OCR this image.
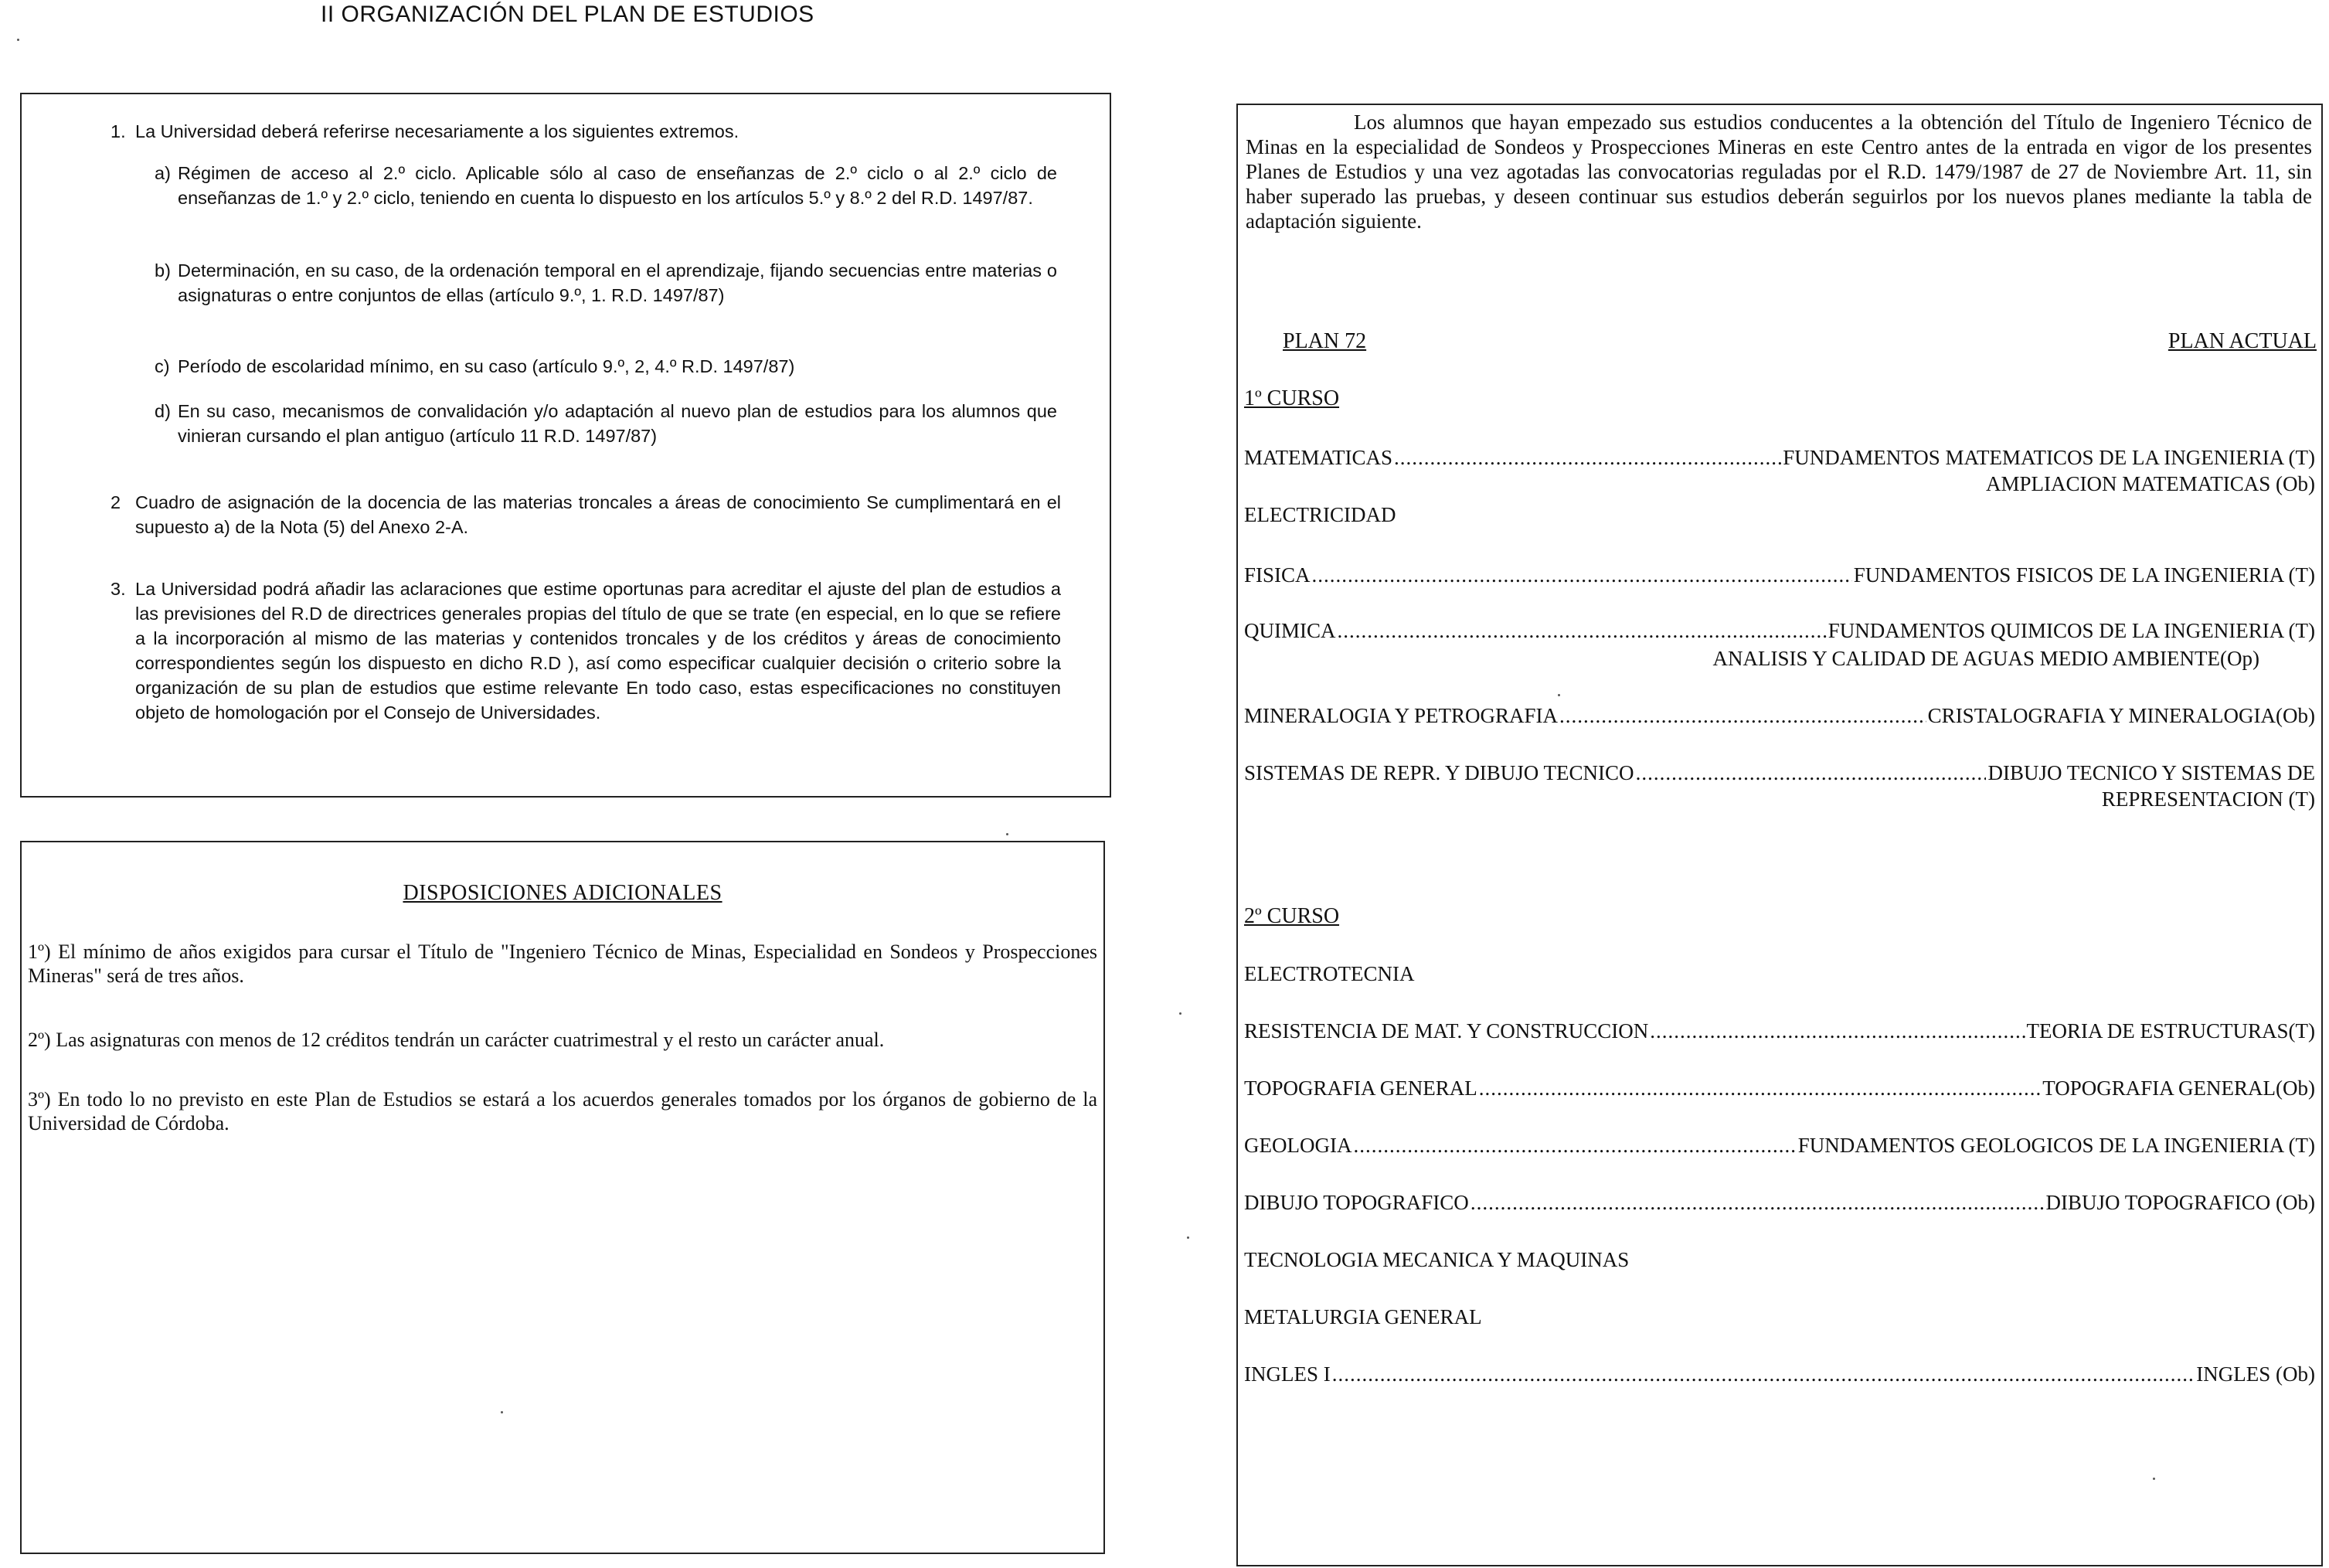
II ORGANIZACIÓN DEL PLAN DE ESTUDIOS
1. La Universidad deberá referirse necesariamente a los siguientes extremos.
a) Régimen de acceso al 2.º ciclo. Aplicable sólo al caso de enseñanzas de 2.º ciclo o al 2.º ciclo de enseñanzas de 1.º y 2.º ciclo, teniendo en cuenta lo dispuesto en los artículos 5.º y 8.º 2 del R.D. 1497/87.
b) Determinación, en su caso, de la ordenación temporal en el aprendizaje, fijando secuencias entre materias o asignaturas o entre conjuntos de ellas (artículo 9.º, 1. R.D. 1497/87)
c) Período de escolaridad mínimo, en su caso (artículo 9.º, 2, 4.º R.D. 1497/87)
d) En su caso, mecanismos de convalidación y/o adaptación al nuevo plan de estudios para los alumnos que vinieran cursando el plan antiguo (artículo 11 R.D. 1497/87)
2 Cuadro de asignación de la docencia de las materias troncales a áreas de conocimiento Se cumplimentará en el supuesto a) de la Nota (5) del Anexo 2-A.
3. La Universidad podrá añadir las aclaraciones que estime oportunas para acreditar el ajuste del plan de estudios a las previsiones del R.D de directrices generales propias del título de que se trate (en especial, en lo que se refiere a la incorporación al mismo de las materias y contenidos troncales y de los créditos y áreas de conocimiento correspondientes según los dispuesto en dicho R.D ), así como especificar cualquier decisión o criterio sobre la organización de su plan de estudios que estime relevante En todo caso, estas especificaciones no constituyen objeto de homologación por el Consejo de Universidades.
DISPOSICIONES ADICIONALES
1º) El mínimo de años exigidos para cursar el Título de "Ingeniero Técnico de Minas, Especialidad en Sondeos y Prospecciones Mineras" será de tres años.
2º) Las asignaturas con menos de 12 créditos tendrán un carácter cuatrimestral y el resto un carácter anual.
3º) En todo lo no previsto en este Plan de Estudios se estará a los acuerdos generales tomados por los órganos de gobierno de la Universidad de Córdoba.
Los alumnos que hayan empezado sus estudios conducentes a la obtención del Título de Ingeniero Técnico de Minas en la especialidad de Sondeos y Prospecciones Mineras en este Centro antes de la entrada en vigor de los presentes Planes de Estudios y una vez agotadas las convocatorias reguladas por el R.D. 1479/1987 de 27 de Noviembre Art. 11, sin haber superado las pruebas, y deseen continuar sus estudios deberán seguirlos por los nuevos planes mediante la tabla de adaptación siguiente.
PLAN 72	PLAN ACTUAL
1º CURSO
MATEMATICAS .....	FUNDAMENTOS MATEMATICOS DE LA INGENIERIA (T)
AMPLIACION MATEMATICAS (Ob)
ELECTRICIDAD
FISICA .....	FUNDAMENTOS FISICOS DE LA INGENIERIA (T)
QUIMICA .....	FUNDAMENTOS QUIMICOS DE LA INGENIERIA (T)
ANALISIS Y CALIDAD DE AGUAS MEDIO AMBIENTE(Op)
MINERALOGIA Y PETROGRAFIA .....	CRISTALOGRAFIA Y MINERALOGIA(Ob)
SISTEMAS DE REPR. Y DIBUJO TECNICO .....	DIBUJO TECNICO Y SISTEMAS DE
REPRESENTACION (T)
2º CURSO
ELECTROTECNIA
RESISTENCIA DE MAT. Y CONSTRUCCION .....	TEORIA DE ESTRUCTURAS(T)
TOPOGRAFIA GENERAL .....	TOPOGRAFIA GENERAL(Ob)
GEOLOGIA .....	FUNDAMENTOS GEOLOGICOS DE LA INGENIERIA (T)
DIBUJO TOPOGRAFICO .....	DIBUJO TOPOGRAFICO (Ob)
TECNOLOGIA MECANICA Y MAQUINAS
METALURGIA GENERAL
INGLES I .....	INGLES (Ob)
